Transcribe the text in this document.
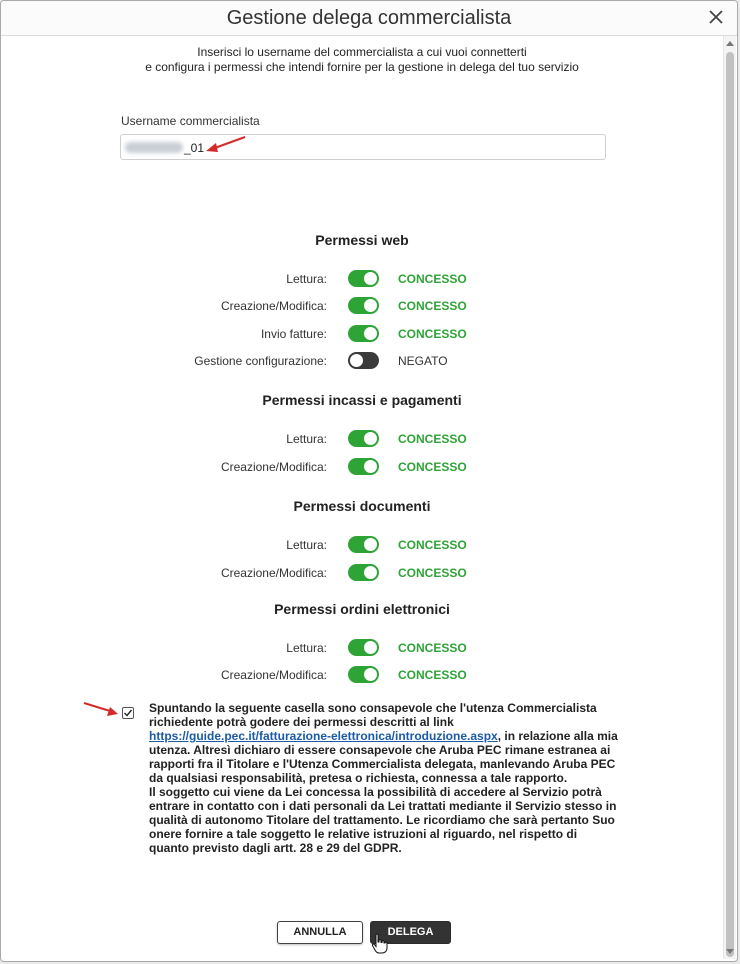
Gestione delega commercialista
Inserisci lo username del commercialista a cui vuoi connetterti
e configura i permessi che intendi fornire per la gestione in delega del tuo servizio
Username commercialista
_01
Permessi web
Lettura:	CONCESSO
Creazione/Modifica:	CONCESSO
Invio fatture:	CONCESSO
Gestione configurazione:	NEGATO
Permessi incassi e pagamenti
Lettura:	CONCESSO
Creazione/Modifica:	CONCESSO
Permessi documenti
Lettura:	CONCESSO
Creazione/Modifica:	CONCESSO
Permessi ordini elettronici
Lettura:	CONCESSO
Creazione/Modifica:	CONCESSO
Spuntando la seguente casella sono consapevole che l'utenza Commercialista richiedente potrà godere dei permessi descritti al link https://guide.pec.it/fatturazione-elettronica/introduzione.aspx, in relazione alla mia utenza. Altresì dichiaro di essere consapevole che Aruba PEC rimane estranea ai rapporti fra il Titolare e l'Utenza Commercialista delegata, manlevando Aruba PEC da qualsiasi responsabilità, pretesa o richiesta, connessa a tale rapporto.
Il soggetto cui viene da Lei concessa la possibilità di accedere al Servizio potrà entrare in contatto con i dati personali da Lei trattati mediante il Servizio stesso in qualità di autonomo Titolare del trattamento. Le ricordiamo che sarà pertanto Suo onere fornire a tale soggetto le relative istruzioni al riguardo, nel rispetto di quanto previsto dagli artt. 28 e 29 del GDPR.
ANNULLA	DELEGA
